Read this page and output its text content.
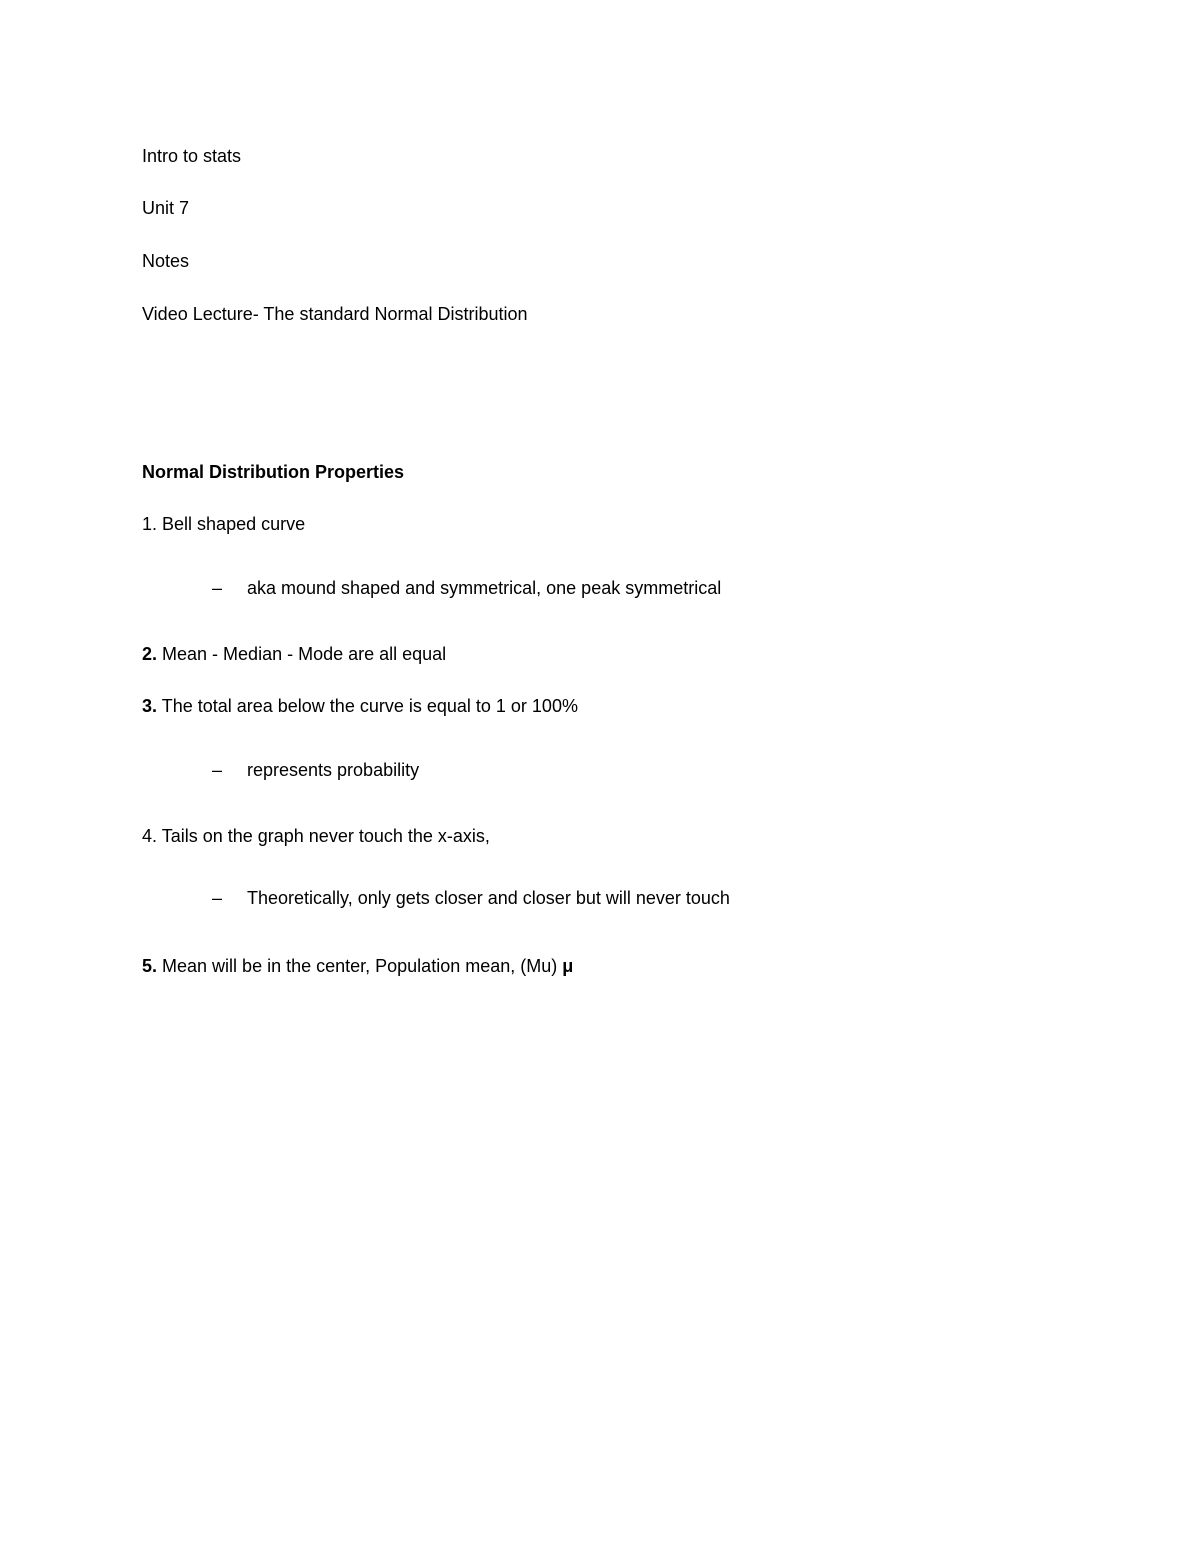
Intro to stats
Unit 7
Notes
Video Lecture- The standard Normal Distribution
Normal Distribution Properties
1. Bell shaped curve
– aka mound shaped and symmetrical, one peak symmetrical
2. Mean - Median - Mode are all equal
3. The total area below the curve is equal to 1 or 100%
– represents probability
4. Tails on the graph never touch the x-axis,
– Theoretically, only gets closer and closer but will never touch
5. Mean will be in the center, Population mean, (Mu) μ
